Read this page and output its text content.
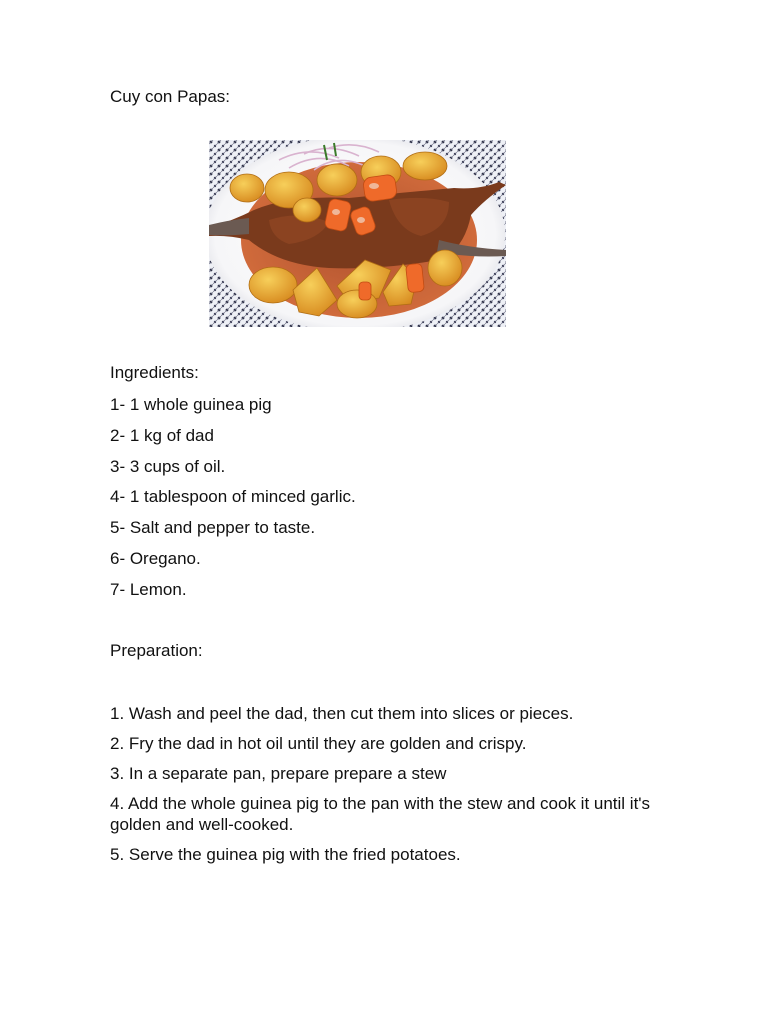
Cuy con Papas:
Ingredients:
1- 1 whole guinea pig
2- 1 kg of dad
3- 3 cups of oil.
4- 1 tablespoon of minced garlic.
5- Salt and pepper to taste.
6- Oregano.
7- Lemon.
Preparation:
1. Wash and peel the dad, then cut them into slices or pieces.
2. Fry the dad in hot oil until they are golden and crispy.
3. In a separate pan, prepare prepare a stew
4. Add the whole guinea pig to the pan with the stew and cook it until it's golden and well-cooked.
5. Serve the guinea pig with the fried potatoes.
